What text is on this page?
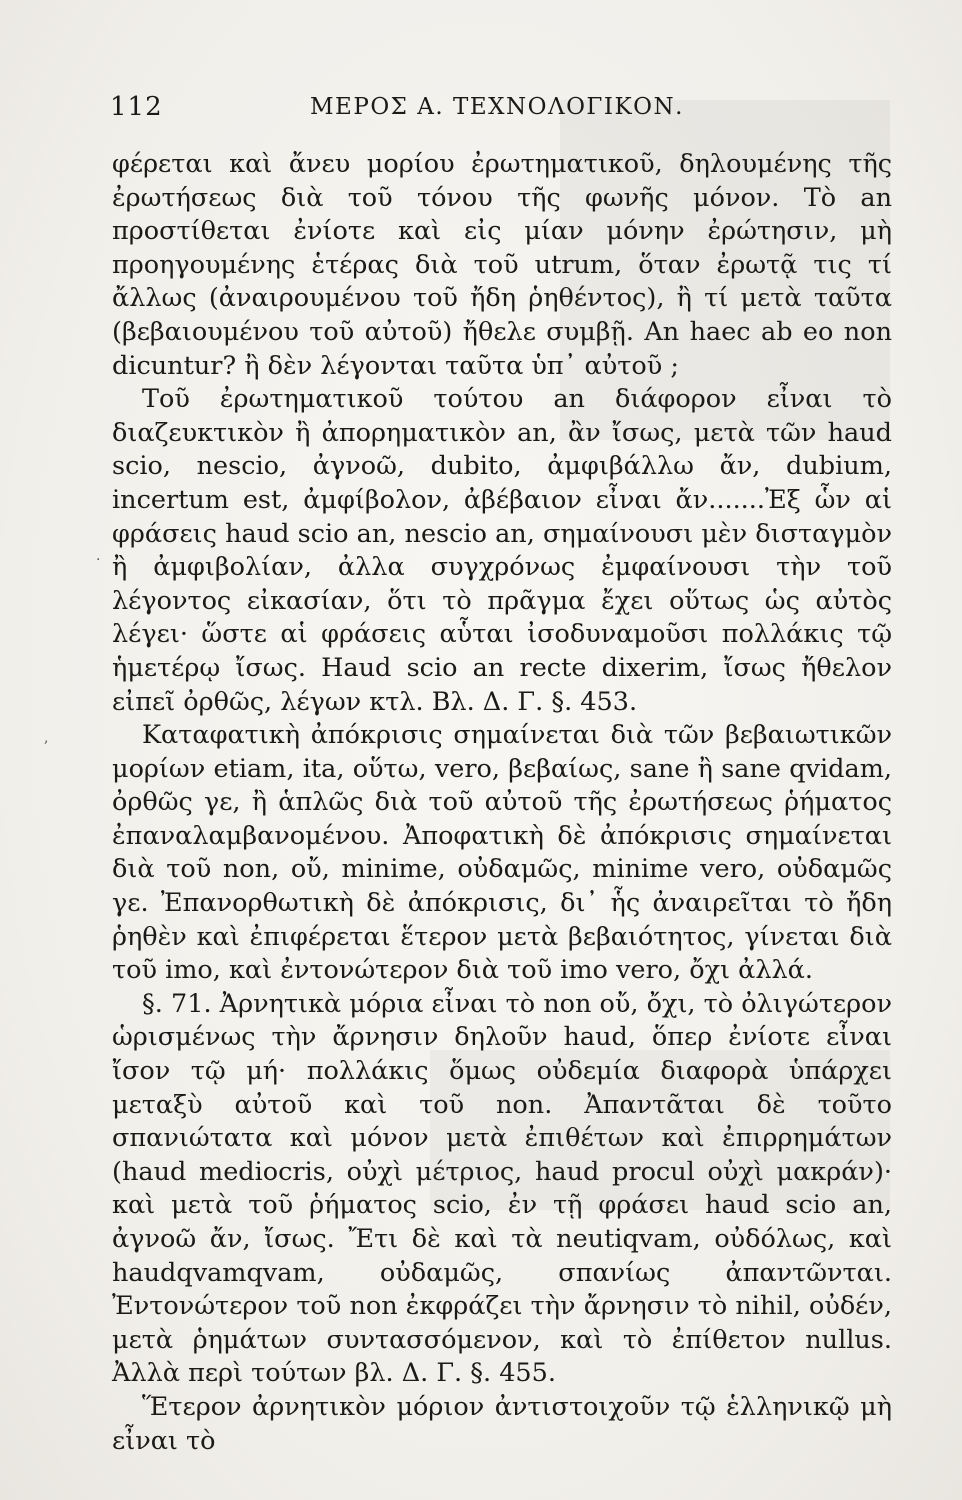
112	ΜΕΡΟΣ Α. ΤΕΧΝΟΛΟΓΙΚΟΝ.

φέρεται καὶ ἄνευ μορίου ἐρωτηματικοῦ, δηλουμένης τῆς ἐρωτήσεως διὰ τοῦ τόνου τῆς φωνῆς μόνον. Τὸ an προστίθεται ἐνίοτε καὶ εἰς μίαν μόνην ἐρώτησιν, μὴ προηγουμένης ἑτέρας διὰ τοῦ utrum, ὅταν ἐρωτᾷ τις τί ἄλλως (ἀναιρουμένου τοῦ ἤδη ῥηθέντος), ἢ τί μετὰ ταῦτα (βεβαιουμένου τοῦ αὐτοῦ) ἤθελε συμβῇ. An haec ab eo non dicuntur? ἢ δὲν λέγονται ταῦτα ὑπ᾽ αὐτοῦ ;

Τοῦ ἐρωτηματικοῦ τούτου an διάφορον εἶναι τὸ διαζευκτικὸν ἢ ἀπορηματικὸν an, ἂν ἴσως, μετὰ τῶν haud scio, nescio, ἀγνοῶ, dubito, ἀμφιβάλλω ἄν, dubium, incertum est, ἀμφίβολον, ἀβέβαιον εἶναι ἄν.......Ἐξ ὧν αἱ φράσεις haud scio an, nescio an, σημαίνουσι μὲν δισταγμὸν ἢ ἀμφιβολίαν, ἀλλα συγχρόνως ἐμφαίνουσι τὴν τοῦ λέγοντος εἰκασίαν, ὅτι τὸ πρᾶγμα ἔχει οὕτως ὡς αὐτὸς λέγει· ὥστε αἱ φράσεις αὗται ἰσοδυναμοῦσι πολλάκις τῷ ἡμετέρῳ ἴσως. Haud scio an recte dixerim, ἴσως ἤθελον εἰπεῖ ὀρθῶς, λέγων κτλ. Βλ. Δ. Γ. §. 453.

Καταφατικὴ ἀπόκρισις σημαίνεται διὰ τῶν βεβαιωτικῶν μορίων etiam, ita, οὕτω, vero, βεβαίως, sane ἢ sane qvidam, ὀρθῶς γε, ἢ ἁπλῶς διὰ τοῦ αὐτοῦ τῆς ἐρωτήσεως ῥήματος ἐπαναλαμβανομένου. Ἀποφατικὴ δὲ ἀπόκρισις σημαίνεται διὰ τοῦ non, οὔ, minime, οὐδαμῶς, minime vero, οὐδαμῶς γε. Ἐπανορθωτικὴ δὲ ἀπόκρισις, δι᾽ ἧς ἀναιρεῖται τὸ ἤδη ῥηθὲν καὶ ἐπιφέρεται ἕτερον μετὰ βεβαιότητος, γίνεται διὰ τοῦ imo, καὶ ἐντονώτερον διὰ τοῦ imo vero, ὄχι ἀλλά.

§. 71. Ἀρνητικὰ μόρια εἶναι τὸ non οὔ, ὄχι, τὸ ὀλιγώτερον ὡρισμένως τὴν ἄρνησιν δηλοῦν haud, ὅπερ ἐνίοτε εἶναι ἴσον τῷ μή· πολλάκις ὅμως οὐδεμία διαφορὰ ὑπάρχει μεταξὺ αὐτοῦ καὶ τοῦ non. Ἀπαντᾶται δὲ τοῦτο σπανιώτατα καὶ μόνον μετὰ ἐπιθέτων καὶ ἐπιρρημάτων (haud mediocris, οὐχὶ μέτριος, haud procul οὐχὶ μακράν)· καὶ μετὰ τοῦ ῥήματος scio, ἐν τῇ φράσει haud scio an, ἀγνοῶ ἄν, ἴσως. Ἔτι δὲ καὶ τὰ neutiqvam, οὐδόλως, καὶ haudqvamqvam, οὐδαμῶς, σπανίως ἀπαντῶνται. Ἐντονώτερον τοῦ non ἐκφράζει τὴν ἄρνησιν τὸ nihil, οὐδέν, μετὰ ῥημάτων συντασσόμενον, καὶ τὸ ἐπίθετον nullus. Ἀλλὰ περὶ τούτων βλ. Δ. Γ. §. 455.

Ἕτερον ἀρνητικὸν μόριον ἀντιστοιχοῦν τῷ ἑλληνικῷ μὴ εἶναι τὸ

.
,
